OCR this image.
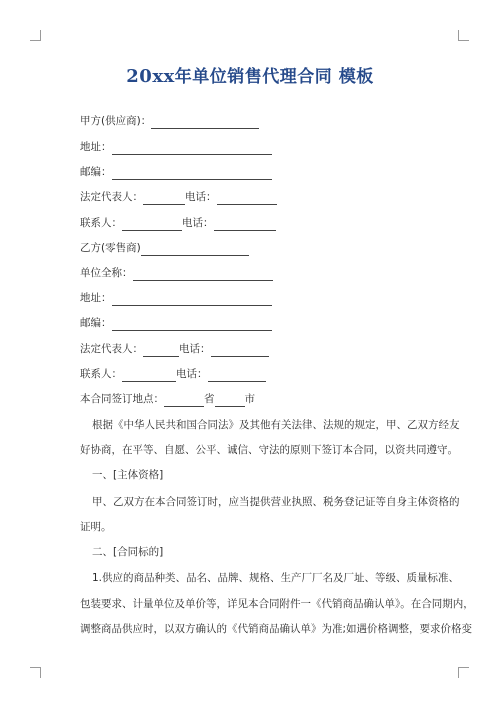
20xx年单位销售代理合同 模板
甲方(供应商)：
地址：
邮编：
法定代表人：	电话：
联系人：	电话：
乙方(零售商)
单位全称：
地址：
邮编：
法定代表人：	电话：
联系人：	电话：
本合同签订地点：	省	市
根据《中华人民共和国合同法》及其他有关法律、法规的规定，甲、乙双方经友
好协商，在平等、自愿、公平、诚信、守法的原则下签订本合同，以资共同遵守。
一、[主体资格]
甲、乙双方在本合同签订时，应当提供营业执照、税务登记证等自身主体资格的
证明。
二、[合同标的]
1.供应的商品种类、品名、品牌、规格、生产厂厂名及厂址、等级、质量标准、
包装要求、计量单位及单价等，详见本合同附件一《代销商品确认单》。在合同期内，
调整商品供应时，以双方确认的《代销商品确认单》为准;如遇价格调整，要求价格变
